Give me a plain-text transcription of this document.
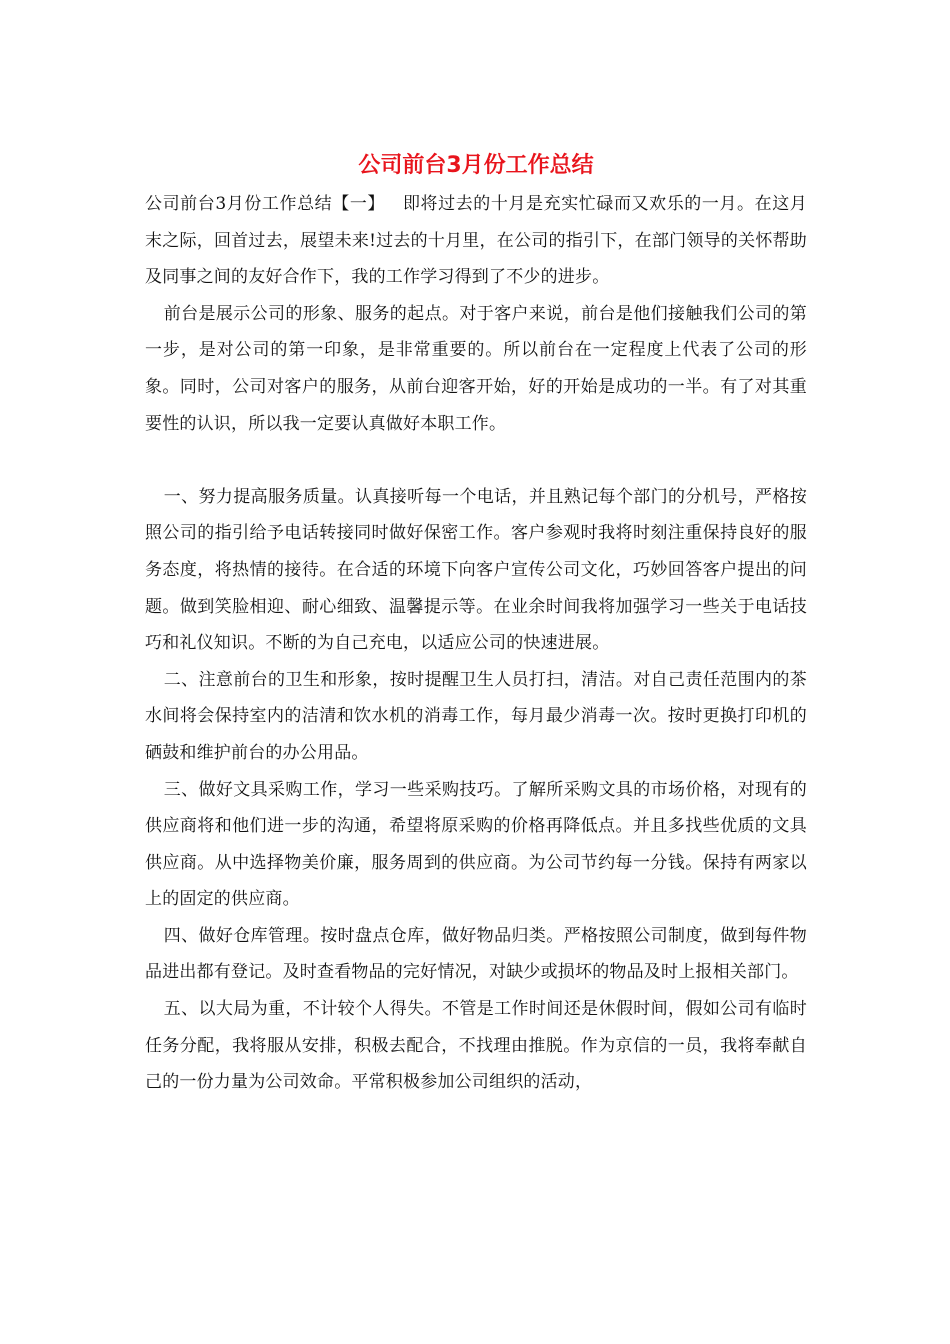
公司前台3月份工作总结

公司前台3月份工作总结【一】   即将过去的十月是充实忙碌而又欢乐的一月。在这月末之际，回首过去，展望未来!过去的十月里，在公司的指引下，在部门领导的关怀帮助及同事之间的友好合作下，我的工作学习得到了不少的进步。

前台是展示公司的形象、服务的起点。对于客户来说，前台是他们接触我们公司的第一步，是对公司的第一印象，是非常重要的。所以前台在一定程度上代表了公司的形象。同时，公司对客户的服务，从前台迎客开始，好的开始是成功的一半。有了对其重要性的认识，所以我一定要认真做好本职工作。

一、努力提高服务质量。认真接听每一个电话，并且熟记每个部门的分机号，严格按照公司的指引给予电话转接同时做好保密工作。客户参观时我将时刻注重保持良好的服务态度，将热情的接待。在合适的环境下向客户宣传公司文化，巧妙回答客户提出的问题。做到笑脸相迎、耐心细致、温馨提示等。在业余时间我将加强学习一些关于电话技巧和礼仪知识。不断的为自己充电，以适应公司的快速进展。

二、注意前台的卫生和形象，按时提醒卫生人员打扫，清洁。对自己责任范围内的茶水间将会保持室内的洁清和饮水机的消毒工作，每月最少消毒一次。按时更换打印机的硒鼓和维护前台的办公用品。

三、做好文具采购工作，学习一些采购技巧。了解所采购文具的市场价格，对现有的供应商将和他们进一步的沟通，希望将原采购的价格再降低点。并且多找些优质的文具供应商。从中选择物美价廉，服务周到的供应商。为公司节约每一分钱。保持有两家以上的固定的供应商。

四、做好仓库管理。按时盘点仓库，做好物品归类。严格按照公司制度，做到每件物品进出都有登记。及时查看物品的完好情况，对缺少或损坏的物品及时上报相关部门。

五、以大局为重，不计较个人得失。不管是工作时间还是休假时间，假如公司有临时任务分配，我将服从安排，积极去配合，不找理由推脱。作为京信的一员，我将奉献自己的一份力量为公司效命。平常积极参加公司组织的活动，
